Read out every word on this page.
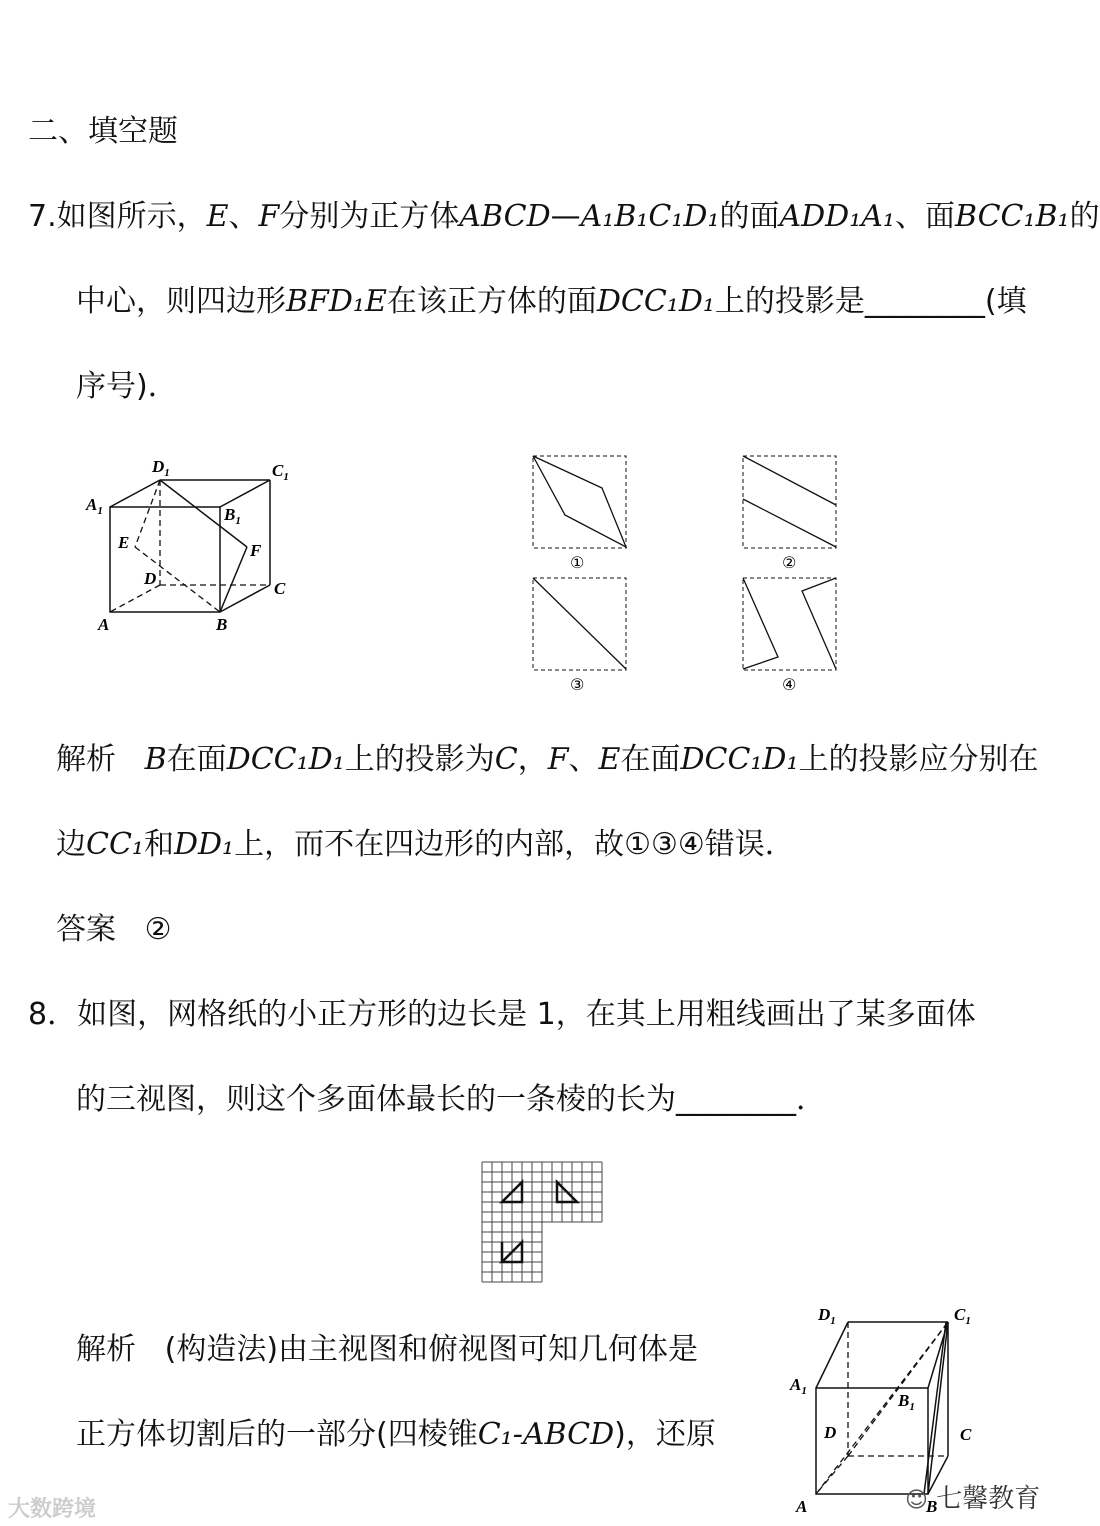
二、填空题
7.如图所示，E、F分别为正方体ABCD—A₁B₁C₁D₁的面ADD₁A₁、面BCC₁B₁的
中心，则四边形BFD₁E在该正方体的面DCC₁D₁上的投影是________(填
序号)．
$D_1$	$C_1$
$A_1$	$B_1$
E	F
D
C
A	B
①	②
③	④
解析 B在面DCC₁D₁上的投影为C，F、E在面DCC₁D₁上的投影应分别在
边CC₁和DD₁上，而不在四边形的内部，故①③④错误．
答案 ②
8．如图，网格纸的小正方形的边长是 1，在其上用粗线画出了某多面体
的三视图，则这个多面体最长的一条棱的长为________．
解析 (构造法)由主视图和俯视图可知几何体是
正方体切割后的一部分(四棱锥C₁-ABCD)，还原
$D_1$	$C_1$
$A_1$	$B_1$
D	C
A	B
☺ 七馨教育
大数跨境
